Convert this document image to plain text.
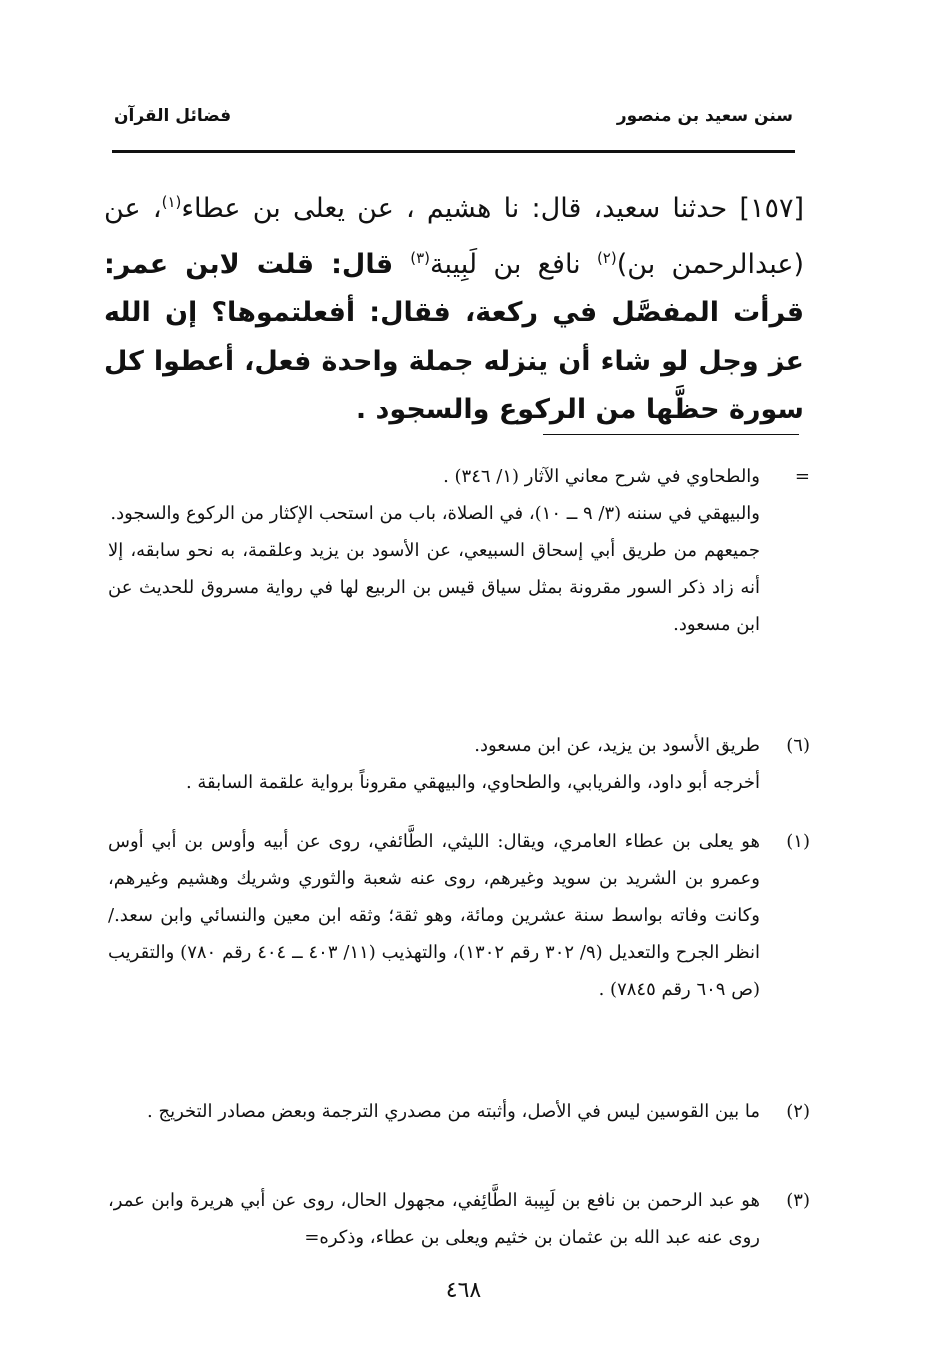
سنن سعيد بن منصور
فضائل القرآن
[١٥٧] حدثنا سعيد، قال: نا هشيم ، عن يعلى بن عطاء$^{(١)}$، عن (عبدالرحمن بن)$^{(٢)}$ نافع بن لَبِيبة$^{(٣)}$ قال: قلت لابن عمر: قرأت المفصَّل في ركعة، فقال: أفعلتموها؟ إن الله عز وجل لو شاء أن ينزله جملة واحدة فعل، أعطوا كل سورة حظَّها من الركوع والسجود .
=
والطحاوي في شرح معاني الآثار (١/ ٣٤٦) .
والبيهقي في سننه (٣/ ٩ ــ ١٠)، في الصلاة، باب من استحب الإكثار من الركوع والسجود.
جميعهم من طريق أبي إسحاق السبيعي، عن الأسود بن يزيد وعلقمة، به نحو سابقه، إلا أنه زاد ذكر السور مقرونة بمثل سياق قيس بن الربيع لها في رواية مسروق للحديث عن ابن مسعود.
(٦)
طريق الأسود بن يزيد، عن ابن مسعود.
أخرجه أبو داود، والفريابي، والطحاوي، والبيهقي مقروناً برواية علقمة السابقة .
(١)
هو يعلى بن عطاء العامري، ويقال: الليثي، الطَّائفي، روى عن أبيه وأوس بن أبي أوس وعمرو بن الشريد بن سويد وغيرهم، روى عنه شعبة والثوري وشريك وهشيم وغيرهم، وكانت وفاته بواسط سنة عشرين ومائة، وهو ثقة؛ وثقه ابن معين والنسائي وابن سعد./ انظر الجرح والتعديل (٩/ ٣٠٢ رقم ١٣٠٢)، والتهذيب (١١/ ٤٠٣ ــ ٤٠٤ رقم ٧٨٠) والتقريب (ص ٦٠٩ رقم ٧٨٤٥) .
(٢)
ما بين القوسين ليس في الأصل، وأثبته من مصدري الترجمة وبعض مصادر التخريج .
(٣)
هو عبد الرحمن بن نافع بن لَبِيبة الطَّائِفي، مجهول الحال، روى عن أبي هريرة وابن عمر، روى عنه عبد الله بن عثمان بن خثيم ويعلى بن عطاء، وذكره=
٤٦٨
